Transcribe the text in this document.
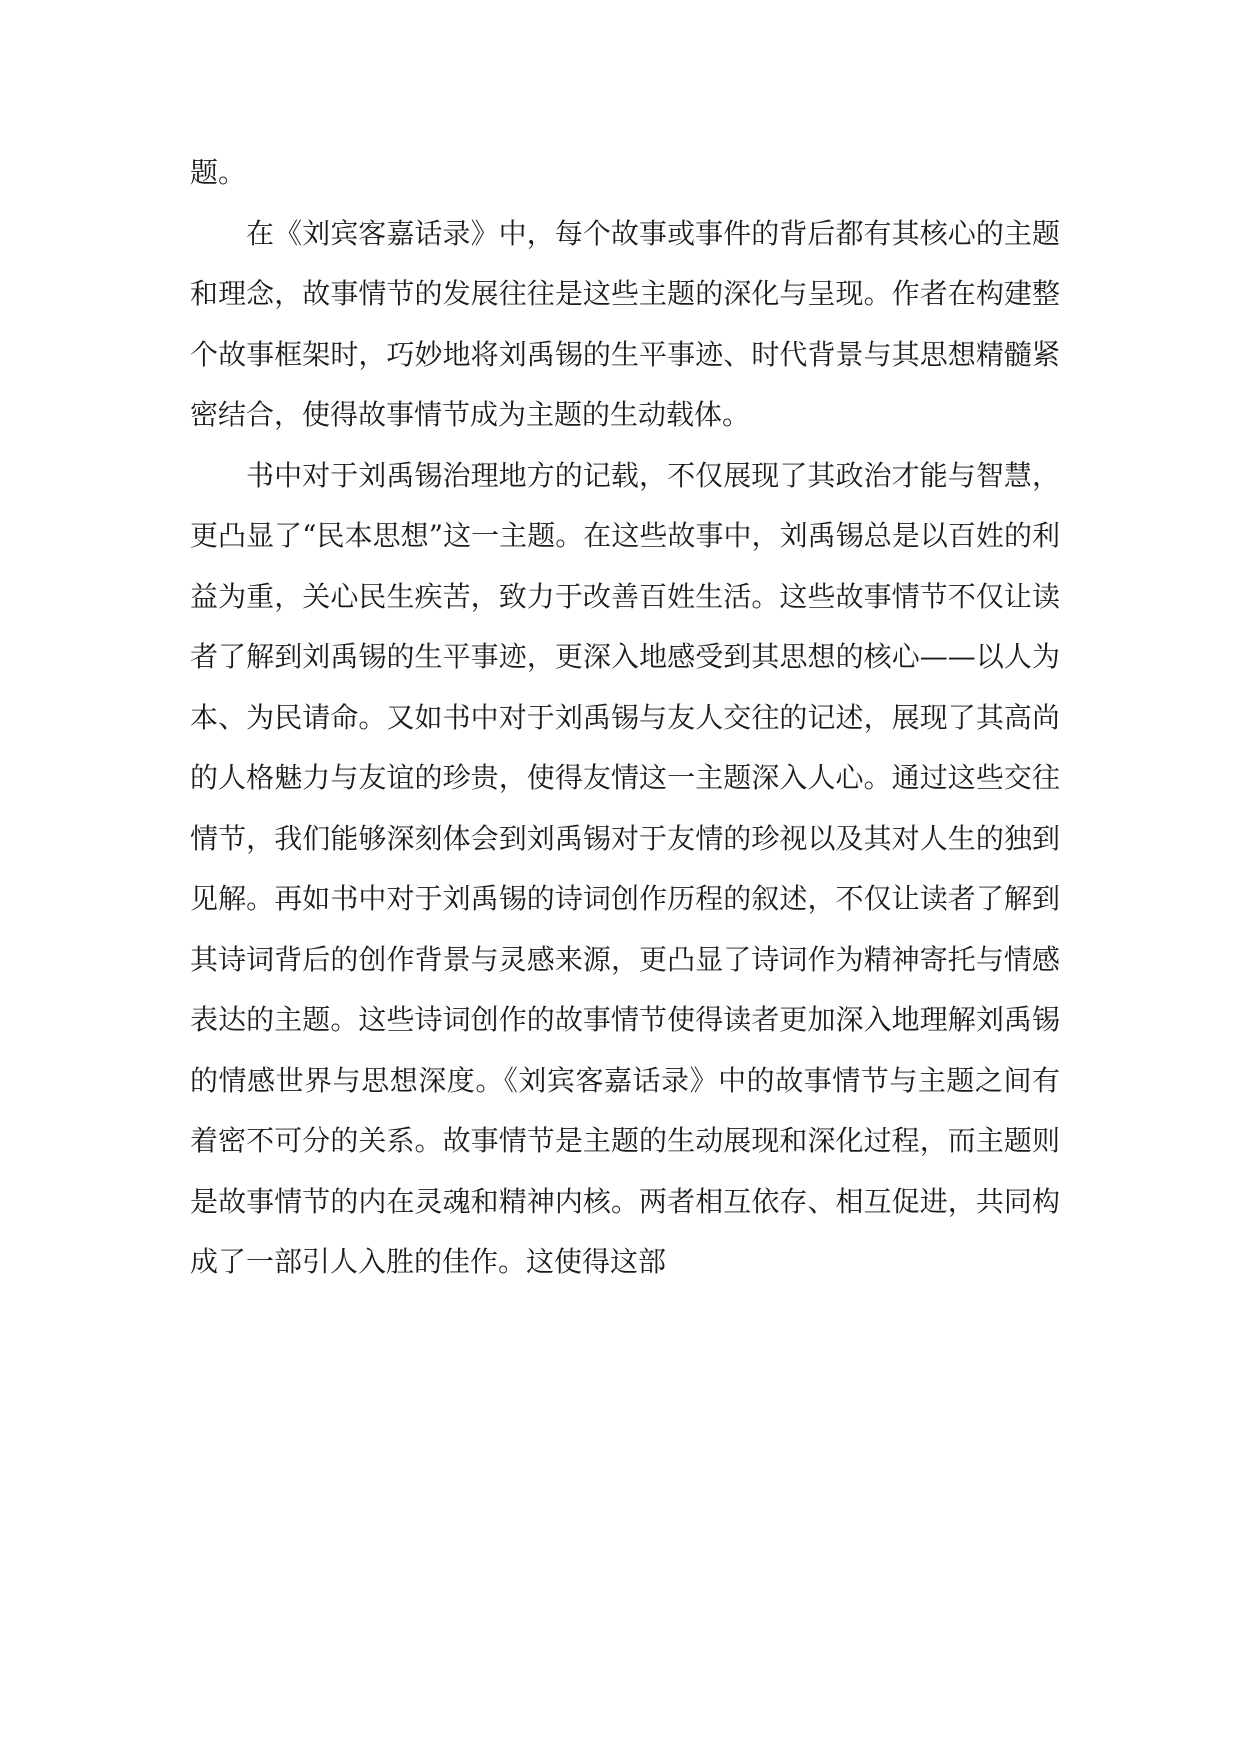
题。

在《刘宾客嘉话录》中，每个故事或事件的背后都有其核心的主题和理念，故事情节的发展往往是这些主题的深化与呈现。作者在构建整个故事框架时，巧妙地将刘禹锡的生平事迹、时代背景与其思想精髓紧密结合，使得故事情节成为主题的生动载体。

书中对于刘禹锡治理地方的记载，不仅展现了其政治才能与智慧，更凸显了“民本思想”这一主题。在这些故事中，刘禹锡总是以百姓的利益为重，关心民生疾苦，致力于改善百姓生活。这些故事情节不仅让读者了解到刘禹锡的生平事迹，更深入地感受到其思想的核心——以人为本、为民请命。又如书中对于刘禹锡与友人交往的记述，展现了其高尚的人格魅力与友谊的珍贵，使得友情这一主题深入人心。通过这些交往情节，我们能够深刻体会到刘禹锡对于友情的珍视以及其对人生的独到见解。再如书中对于刘禹锡的诗词创作历程的叙述，不仅让读者了解到其诗词背后的创作背景与灵感来源，更凸显了诗词作为精神寄托与情感表达的主题。这些诗词创作的故事情节使得读者更加深入地理解刘禹锡的情感世界与思想深度。《刘宾客嘉话录》中的故事情节与主题之间有着密不可分的关系。故事情节是主题的生动展现和深化过程，而主题则是故事情节的内在灵魂和精神内核。两者相互依存、相互促进，共同构成了一部引人入胜的佳作。这使得这部
